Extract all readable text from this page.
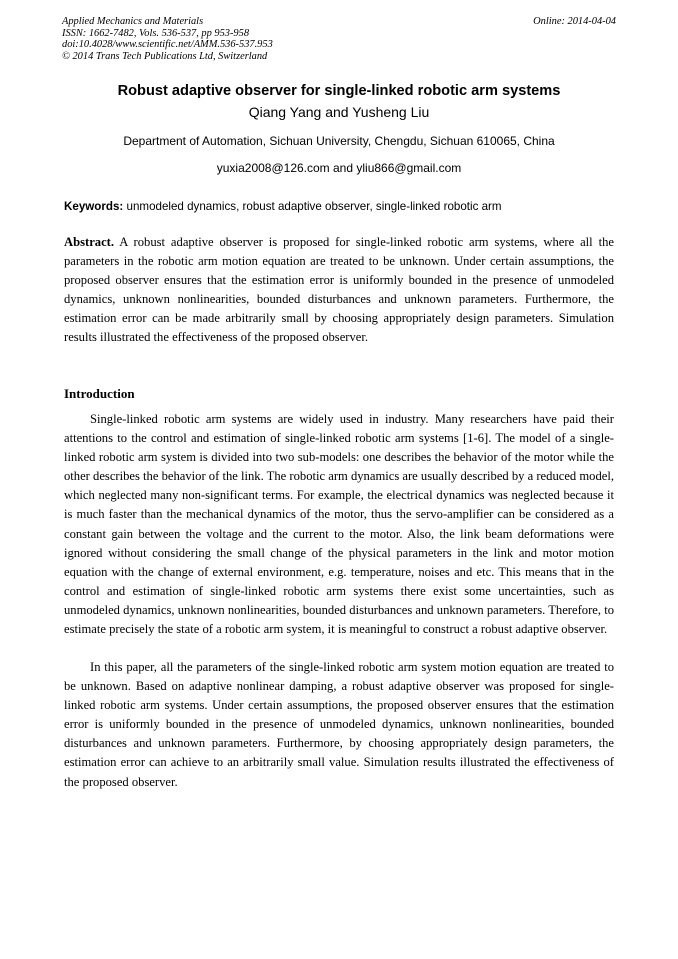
Applied Mechanics and Materials
ISSN: 1662-7482, Vols. 536-537, pp 953-958
doi:10.4028/www.scientific.net/AMM.536-537.953
© 2014 Trans Tech Publications Ltd, Switzerland
Online: 2014-04-04
Robust adaptive observer for single-linked robotic arm systems
Qiang Yang and Yusheng Liu
Department of Automation, Sichuan University, Chengdu, Sichuan 610065, China
yuxia2008@126.com and yliu866@gmail.com
Keywords: unmodeled dynamics, robust adaptive observer, single-linked robotic arm
Abstract. A robust adaptive observer is proposed for single-linked robotic arm systems, where all the parameters in the robotic arm motion equation are treated to be unknown. Under certain assumptions, the proposed observer ensures that the estimation error is uniformly bounded in the presence of unmodeled dynamics, unknown nonlinearities, bounded disturbances and unknown parameters. Furthermore, the estimation error can be made arbitrarily small by choosing appropriately design parameters. Simulation results illustrated the effectiveness of the proposed observer.
Introduction
Single-linked robotic arm systems are widely used in industry. Many researchers have paid their attentions to the control and estimation of single-linked robotic arm systems [1-6]. The model of a single-linked robotic arm system is divided into two sub-models: one describes the behavior of the motor while the other describes the behavior of the link. The robotic arm dynamics are usually described by a reduced model, which neglected many non-significant terms. For example, the electrical dynamics was neglected because it is much faster than the mechanical dynamics of the motor, thus the servo-amplifier can be considered as a constant gain between the voltage and the current to the motor. Also, the link beam deformations were ignored without considering the small change of the physical parameters in the link and motor motion equation with the change of external environment, e.g. temperature, noises and etc. This means that in the control and estimation of single-linked robotic arm systems there exist some uncertainties, such as unmodeled dynamics, unknown nonlinearities, bounded disturbances and unknown parameters. Therefore, to estimate precisely the state of a robotic arm system, it is meaningful to construct a robust adaptive observer.
In this paper, all the parameters of the single-linked robotic arm system motion equation are treated to be unknown. Based on adaptive nonlinear damping, a robust adaptive observer was proposed for single-linked robotic arm systems. Under certain assumptions, the proposed observer ensures that the estimation error is uniformly bounded in the presence of unmodeled dynamics, unknown nonlinearities, bounded disturbances and unknown parameters. Furthermore, by choosing appropriately design parameters, the estimation error can achieve to an arbitrarily small value. Simulation results illustrated the effectiveness of the proposed observer.
